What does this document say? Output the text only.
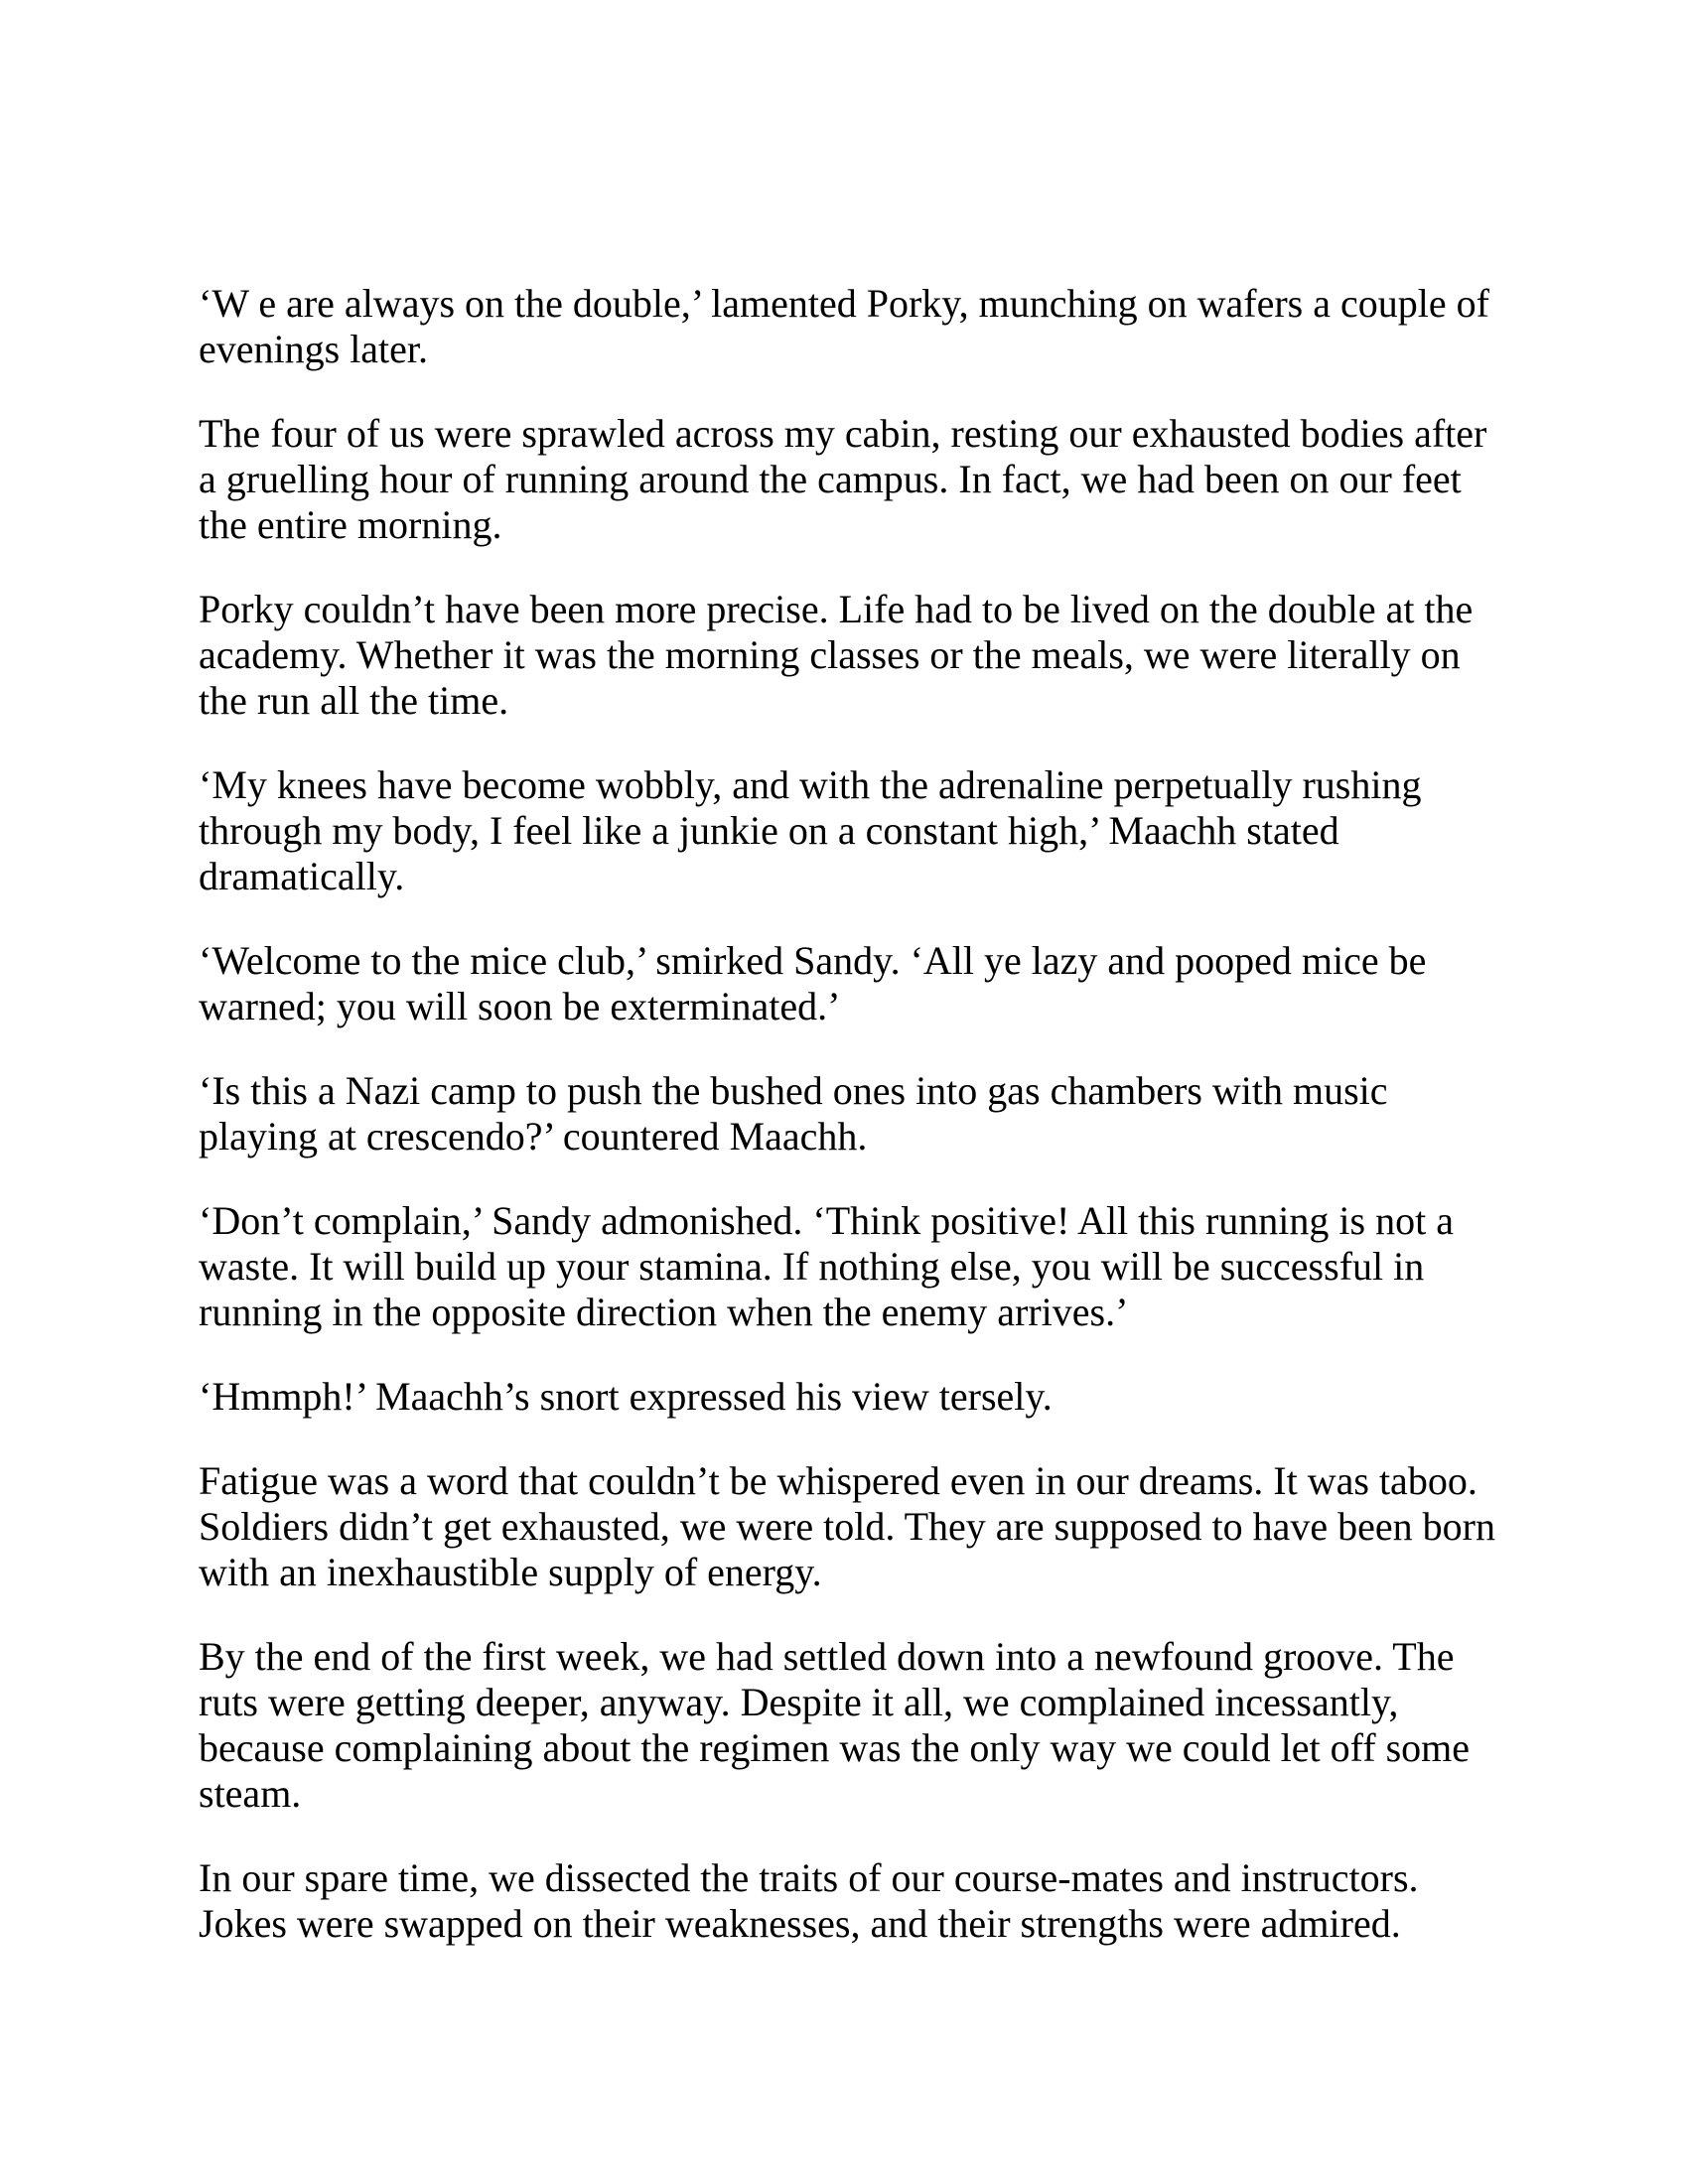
‘W e are always on the double,’ lamented Porky, munching on wafers a couple of evenings later.

The four of us were sprawled across my cabin, resting our exhausted bodies after a gruelling hour of running around the campus. In fact, we had been on our feet the entire morning.

Porky couldn’t have been more precise. Life had to be lived on the double at the academy. Whether it was the morning classes or the meals, we were literally on the run all the time.

‘My knees have become wobbly, and with the adrenaline perpetually rushing through my body, I feel like a junkie on a constant high,’ Maachh stated dramatically.

‘Welcome to the mice club,’ smirked Sandy. ‘All ye lazy and pooped mice be warned; you will soon be exterminated.’

‘Is this a Nazi camp to push the bushed ones into gas chambers with music playing at crescendo?’ countered Maachh.

‘Don’t complain,’ Sandy admonished. ‘Think positive! All this running is not a waste. It will build up your stamina. If nothing else, you will be successful in running in the opposite direction when the enemy arrives.’

‘Hmmph!’ Maachh’s snort expressed his view tersely.

Fatigue was a word that couldn’t be whispered even in our dreams. It was taboo. Soldiers didn’t get exhausted, we were told. They are supposed to have been born with an inexhaustible supply of energy.

By the end of the first week, we had settled down into a newfound groove. The ruts were getting deeper, anyway. Despite it all, we complained incessantly, because complaining about the regimen was the only way we could let off some steam.

In our spare time, we dissected the traits of our course-mates and instructors. Jokes were swapped on their weaknesses, and their strengths were admired.
